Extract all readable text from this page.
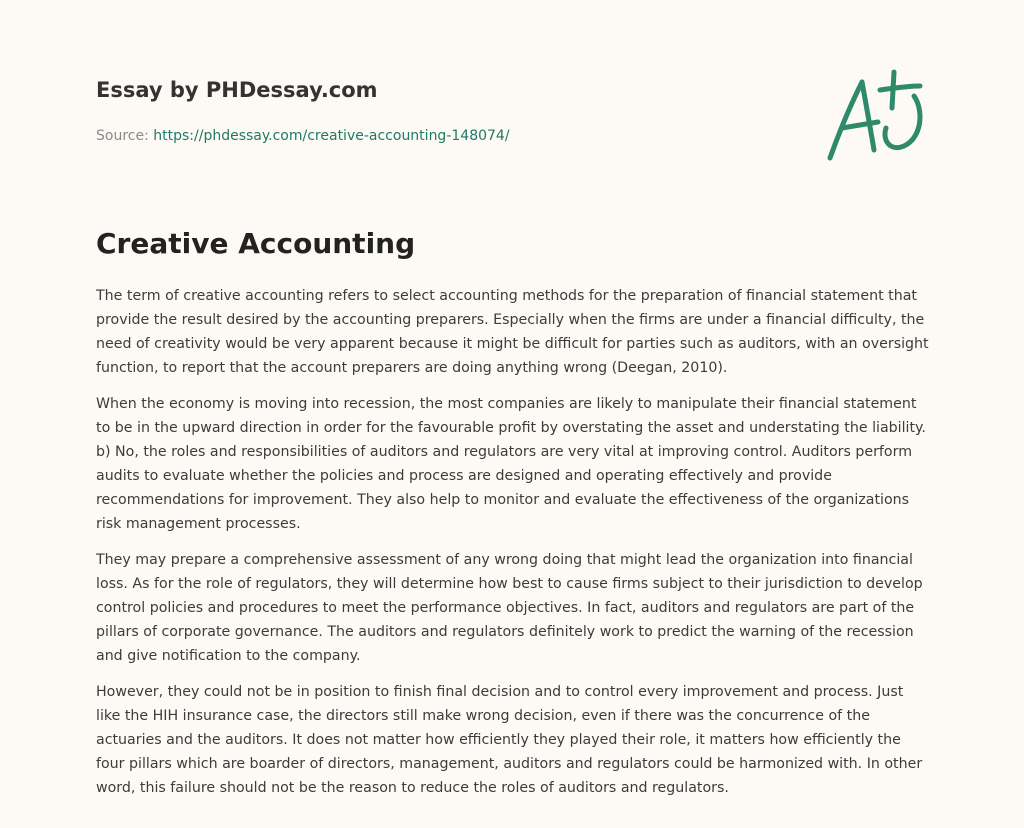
Essay by PHDessay.com
Source: https://phdessay.com/creative-accounting-148074/
Creative Accounting

The term of creative accounting refers to select accounting methods for the preparation of financial statement that provide the result desired by the accounting preparers. Especially when the firms are under a financial difficulty, the need of creativity would be very apparent because it might be difficult for parties such as auditors, with an oversight function, to report that the account preparers are doing anything wrong (Deegan, 2010).

When the economy is moving into recession, the most companies are likely to manipulate their financial statement to be in the upward direction in order for the favourable profit by overstating the asset and understating the liability. b) No, the roles and responsibilities of auditors and regulators are very vital at improving control. Auditors perform audits to evaluate whether the policies and process are designed and operating effectively and provide recommendations for improvement. They also help to monitor and evaluate the effectiveness of the organizations risk management processes.

They may prepare a comprehensive assessment of any wrong doing that might lead the organization into financial loss. As for the role of regulators, they will determine how best to cause firms subject to their jurisdiction to develop control policies and procedures to meet the performance objectives. In fact, auditors and regulators are part of the pillars of corporate governance. The auditors and regulators definitely work to predict the warning of the recession and give notification to the company.

However, they could not be in position to finish final decision and to control every improvement and process. Just like the HIH insurance case, the directors still make wrong decision, even if there was the concurrence of the actuaries and the auditors. It does not matter how efficiently they played their role, it matters how efficiently the four pillars which are boarder of directors, management, auditors and regulators could be harmonized with. In other word, this failure should not be the reason to reduce the roles of auditors and regulators.
